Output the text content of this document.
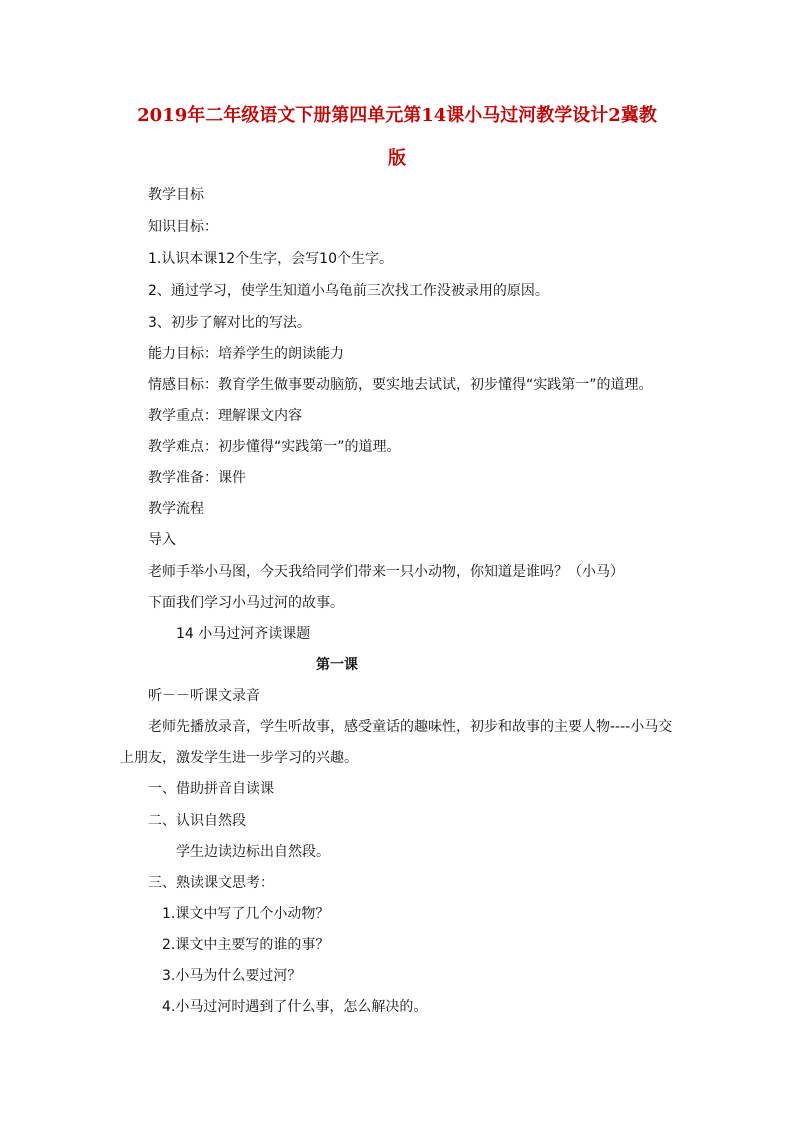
2019年二年级语文下册第四单元第14课小马过河教学设计2冀教
版

教学目标

知识目标：

1.认识本课12个生字，会写10个生字。

2、通过学习，使学生知道小乌龟前三次找工作没被录用的原因。

3、初步了解对比的写法。

能力目标：培养学生的朗读能力

情感目标：教育学生做事要动脑筋，要实地去试试，初步懂得“实践第一”的道理。

教学重点：理解课文内容

教学难点：初步懂得“实践第一”的道理。

教学准备：课件

教学流程

导入

老师手举小马图，今天我给同学们带来一只小动物，你知道是谁吗？（小马）

下面我们学习小马过河的故事。

14 小马过河齐读课题

第一课

听－－听课文录音

老师先播放录音，学生听故事，感受童话的趣味性，初步和故事的主要人物----小马交

上朋友，激发学生进一步学习的兴趣。

一、借助拼音自读课

二、认识自然段

学生边读边标出自然段。

三、熟读课文思考：

1.课文中写了几个小动物？

2.课文中主要写的谁的事？

3.小马为什么要过河？

4.小马过河时遇到了什么事，怎么解决的。
